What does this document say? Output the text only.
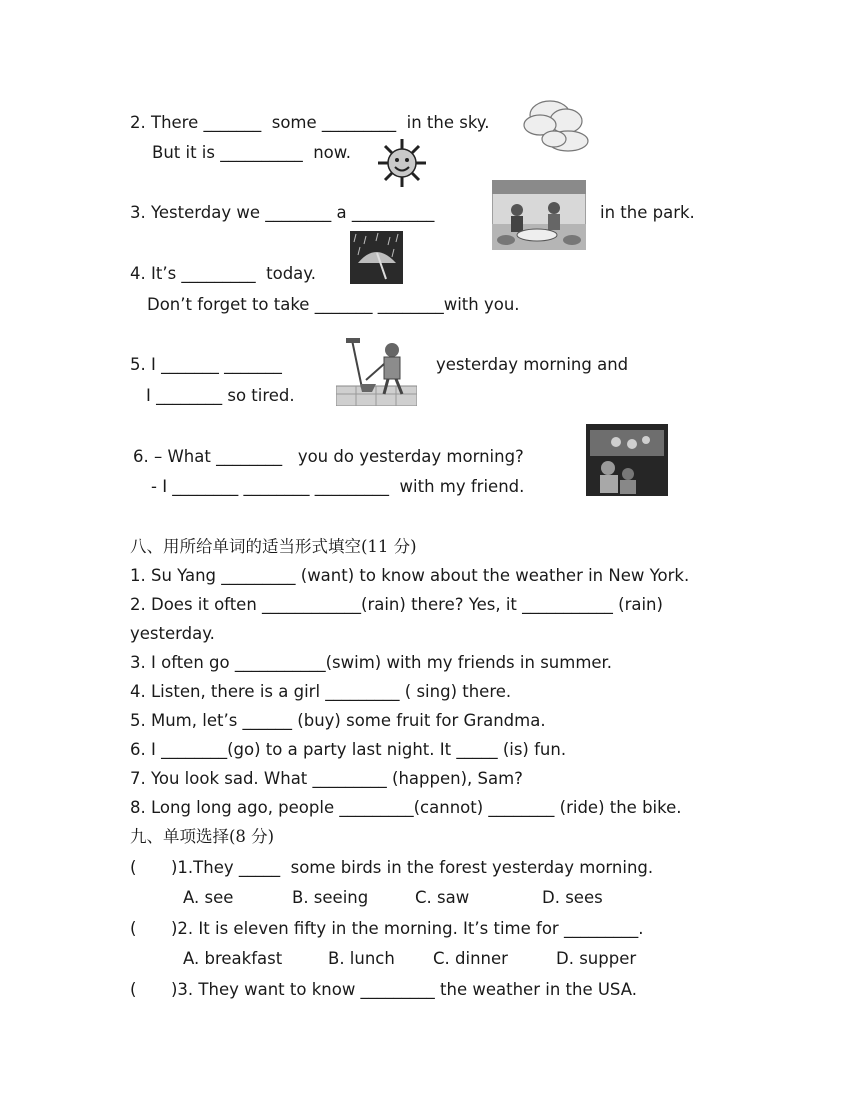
2. There _______  some _________  in the sky.
But it is __________  now.
3. Yesterday we ________ a __________	in the park.
4. It’s _________  today.
Don’t forget to take _______ ________with you.
5. I _______ _______	yesterday morning and
I ________ so tired.
6. – What ________   you do yesterday morning?
- I ________ ________ _________  with my friend.
八、用所给单词的适当形式填空(11 分)
1. Su Yang _________ (want) to know about the weather in New York.
2. Does it often ____________(rain) there? Yes, it ___________ (rain)
yesterday.
3. I often go ___________(swim) with my friends in summer.
4. Listen, there is a girl _________ ( sing) there.
5. Mum, let’s ______ (buy) some fruit for Grandma.
6. I ________(go) to a party last night. It _____ (is) fun.
7. You look sad. What _________ (happen), Sam?
8. Long long ago, people _________(cannot) ________ (ride) the bike.
九、单项选择(8 分)
( )1.They _____  some birds in the forest yesterday morning.
A. see	B. seeing	C. saw	D. sees
( )2. It is eleven fifty in the morning. It’s time for _________.
A. breakfast	B. lunch C. dinner	D. supper
( )3. They want to know _________ the weather in the USA.
